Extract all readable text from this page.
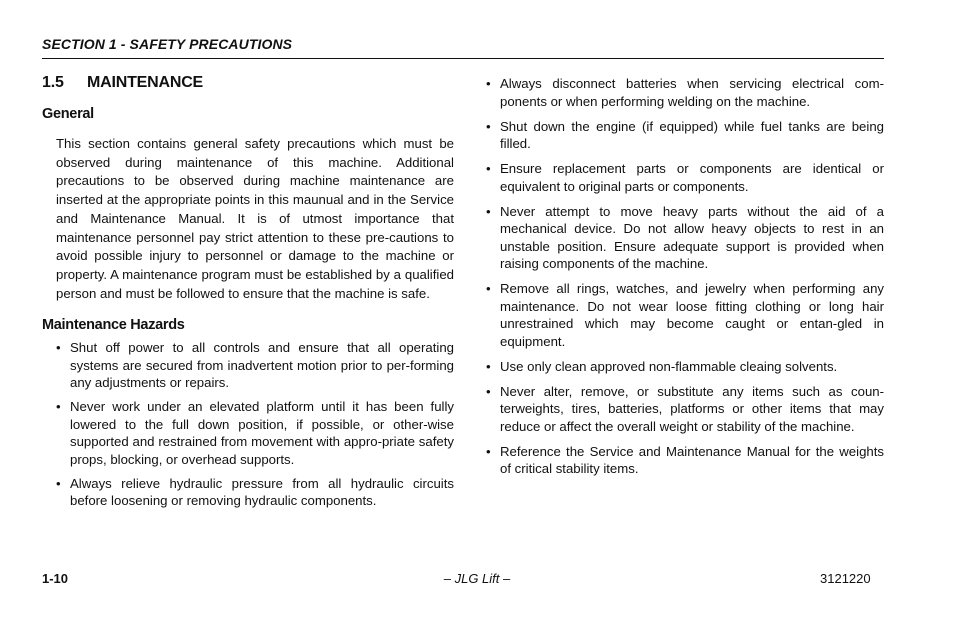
SECTION 1 - SAFETY PRECAUTIONS
1.5	MAINTENANCE
General

This section contains general safety precautions which must be observed during maintenance of this machine. Additional precautions to be observed during machine maintenance are inserted at the appropriate points in this maunual and in the Service and Maintenance Manual. It is of utmost importance that maintenance personnel pay strict attention to these pre-cautions to avoid possible injury to personnel or damage to the machine or property. A maintenance program must be established by a qualified person and must be followed to ensure that the machine is safe.

Maintenance Hazards
• Shut off power to all controls and ensure that all operating systems are secured from inadvertent motion prior to per-forming any adjustments or repairs.
• Never work under an elevated platform until it has been fully lowered to the full down position, if possible, or other-wise supported and restrained from movement with appro-priate safety props, blocking, or overhead supports.
• Always relieve hydraulic pressure from all hydraulic circuits before loosening or removing hydraulic components.
• Always disconnect batteries when servicing electrical com-ponents or when performing welding on the machine.
• Shut down the engine (if equipped) while fuel tanks are being filled.
• Ensure replacement parts or components are identical or equivalent to original parts or components.
• Never attempt to move heavy parts without the aid of a mechanical device. Do not allow heavy objects to rest in an unstable position. Ensure adequate support is provided when raising components of the machine.
• Remove all rings, watches, and jewelry when performing any maintenance. Do not wear loose fitting clothing or long hair unrestrained which may become caught or entan-gled in equipment.
• Use only clean approved non-flammable cleaing solvents.
• Never alter, remove, or substitute any items such as coun-terweights, tires, batteries, platforms or other items that may reduce or affect the overall weight or stability of the machine.
• Reference the Service and Maintenance Manual for the weights of critical stability items.
1-10	– JLG Lift –	3121220
